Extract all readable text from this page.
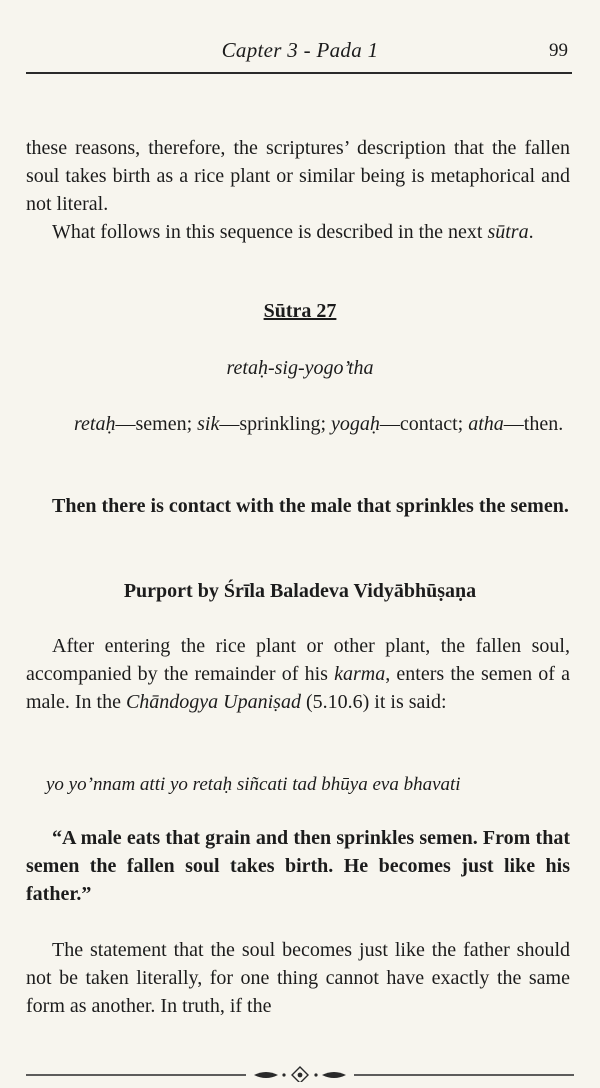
Capter 3 - Pada 1	99

these reasons, therefore, the scriptures’ description that the fallen soul takes birth as a rice plant or similar being is metaphorical and not literal.

What follows in this sequence is described in the next sūtra.

Sūtra 27
retaḥ-sig-yogo’tha

retaḥ—semen; sik—sprinkling; yogaḥ—contact; atha—then.

Then there is contact with the male that sprinkles the semen.

Purport by Śrīla Baladeva Vidyābhūṣaṇa

After entering the rice plant or other plant, the fallen soul, accompanied by the remainder of his karma, enters the semen of a male. In the Chāndogya Upaniṣad (5.10.6) it is said:

yo yo’nnam atti yo retaḥ siñcati tad bhūya eva bhavati

“A male eats that grain and then sprinkles semen. From that semen the fallen soul takes birth. He becomes just like his father.”

The statement that the soul becomes just like the father should not be taken literally, for one thing cannot have exactly the same form as another. In truth, if the
